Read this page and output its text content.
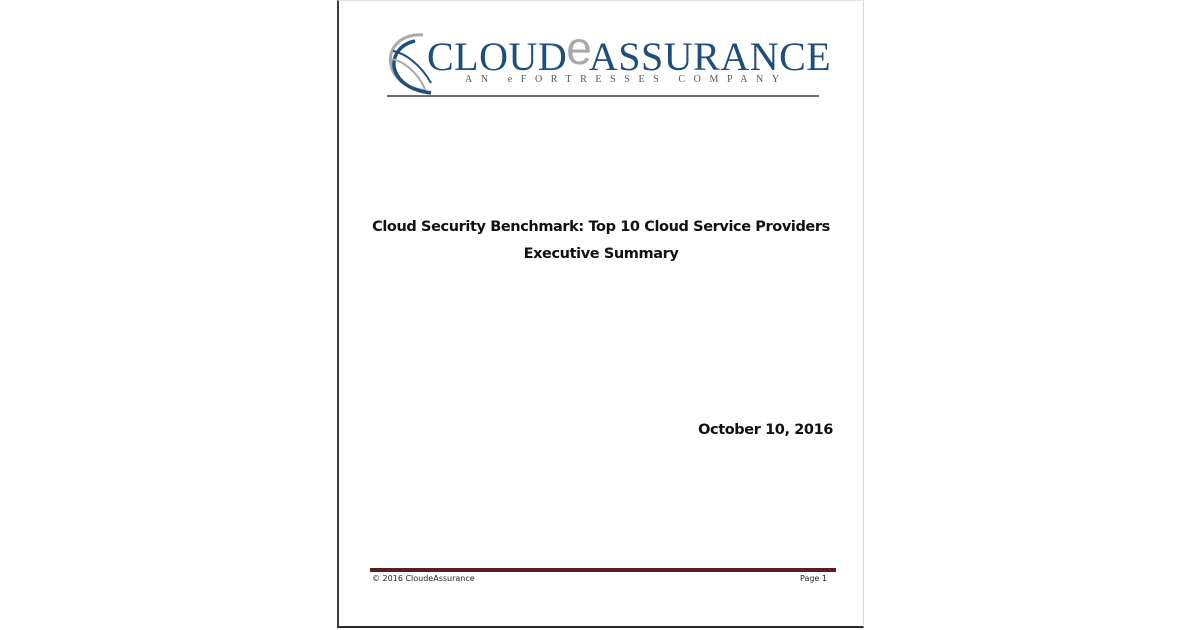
CLOUDeASSURANCE
AN eFORTRESSES COMPANY
Cloud Security Benchmark: Top 10 Cloud Service Providers
Executive Summary
October 10, 2016
© 2016 CloudeAssurance	Page 1
